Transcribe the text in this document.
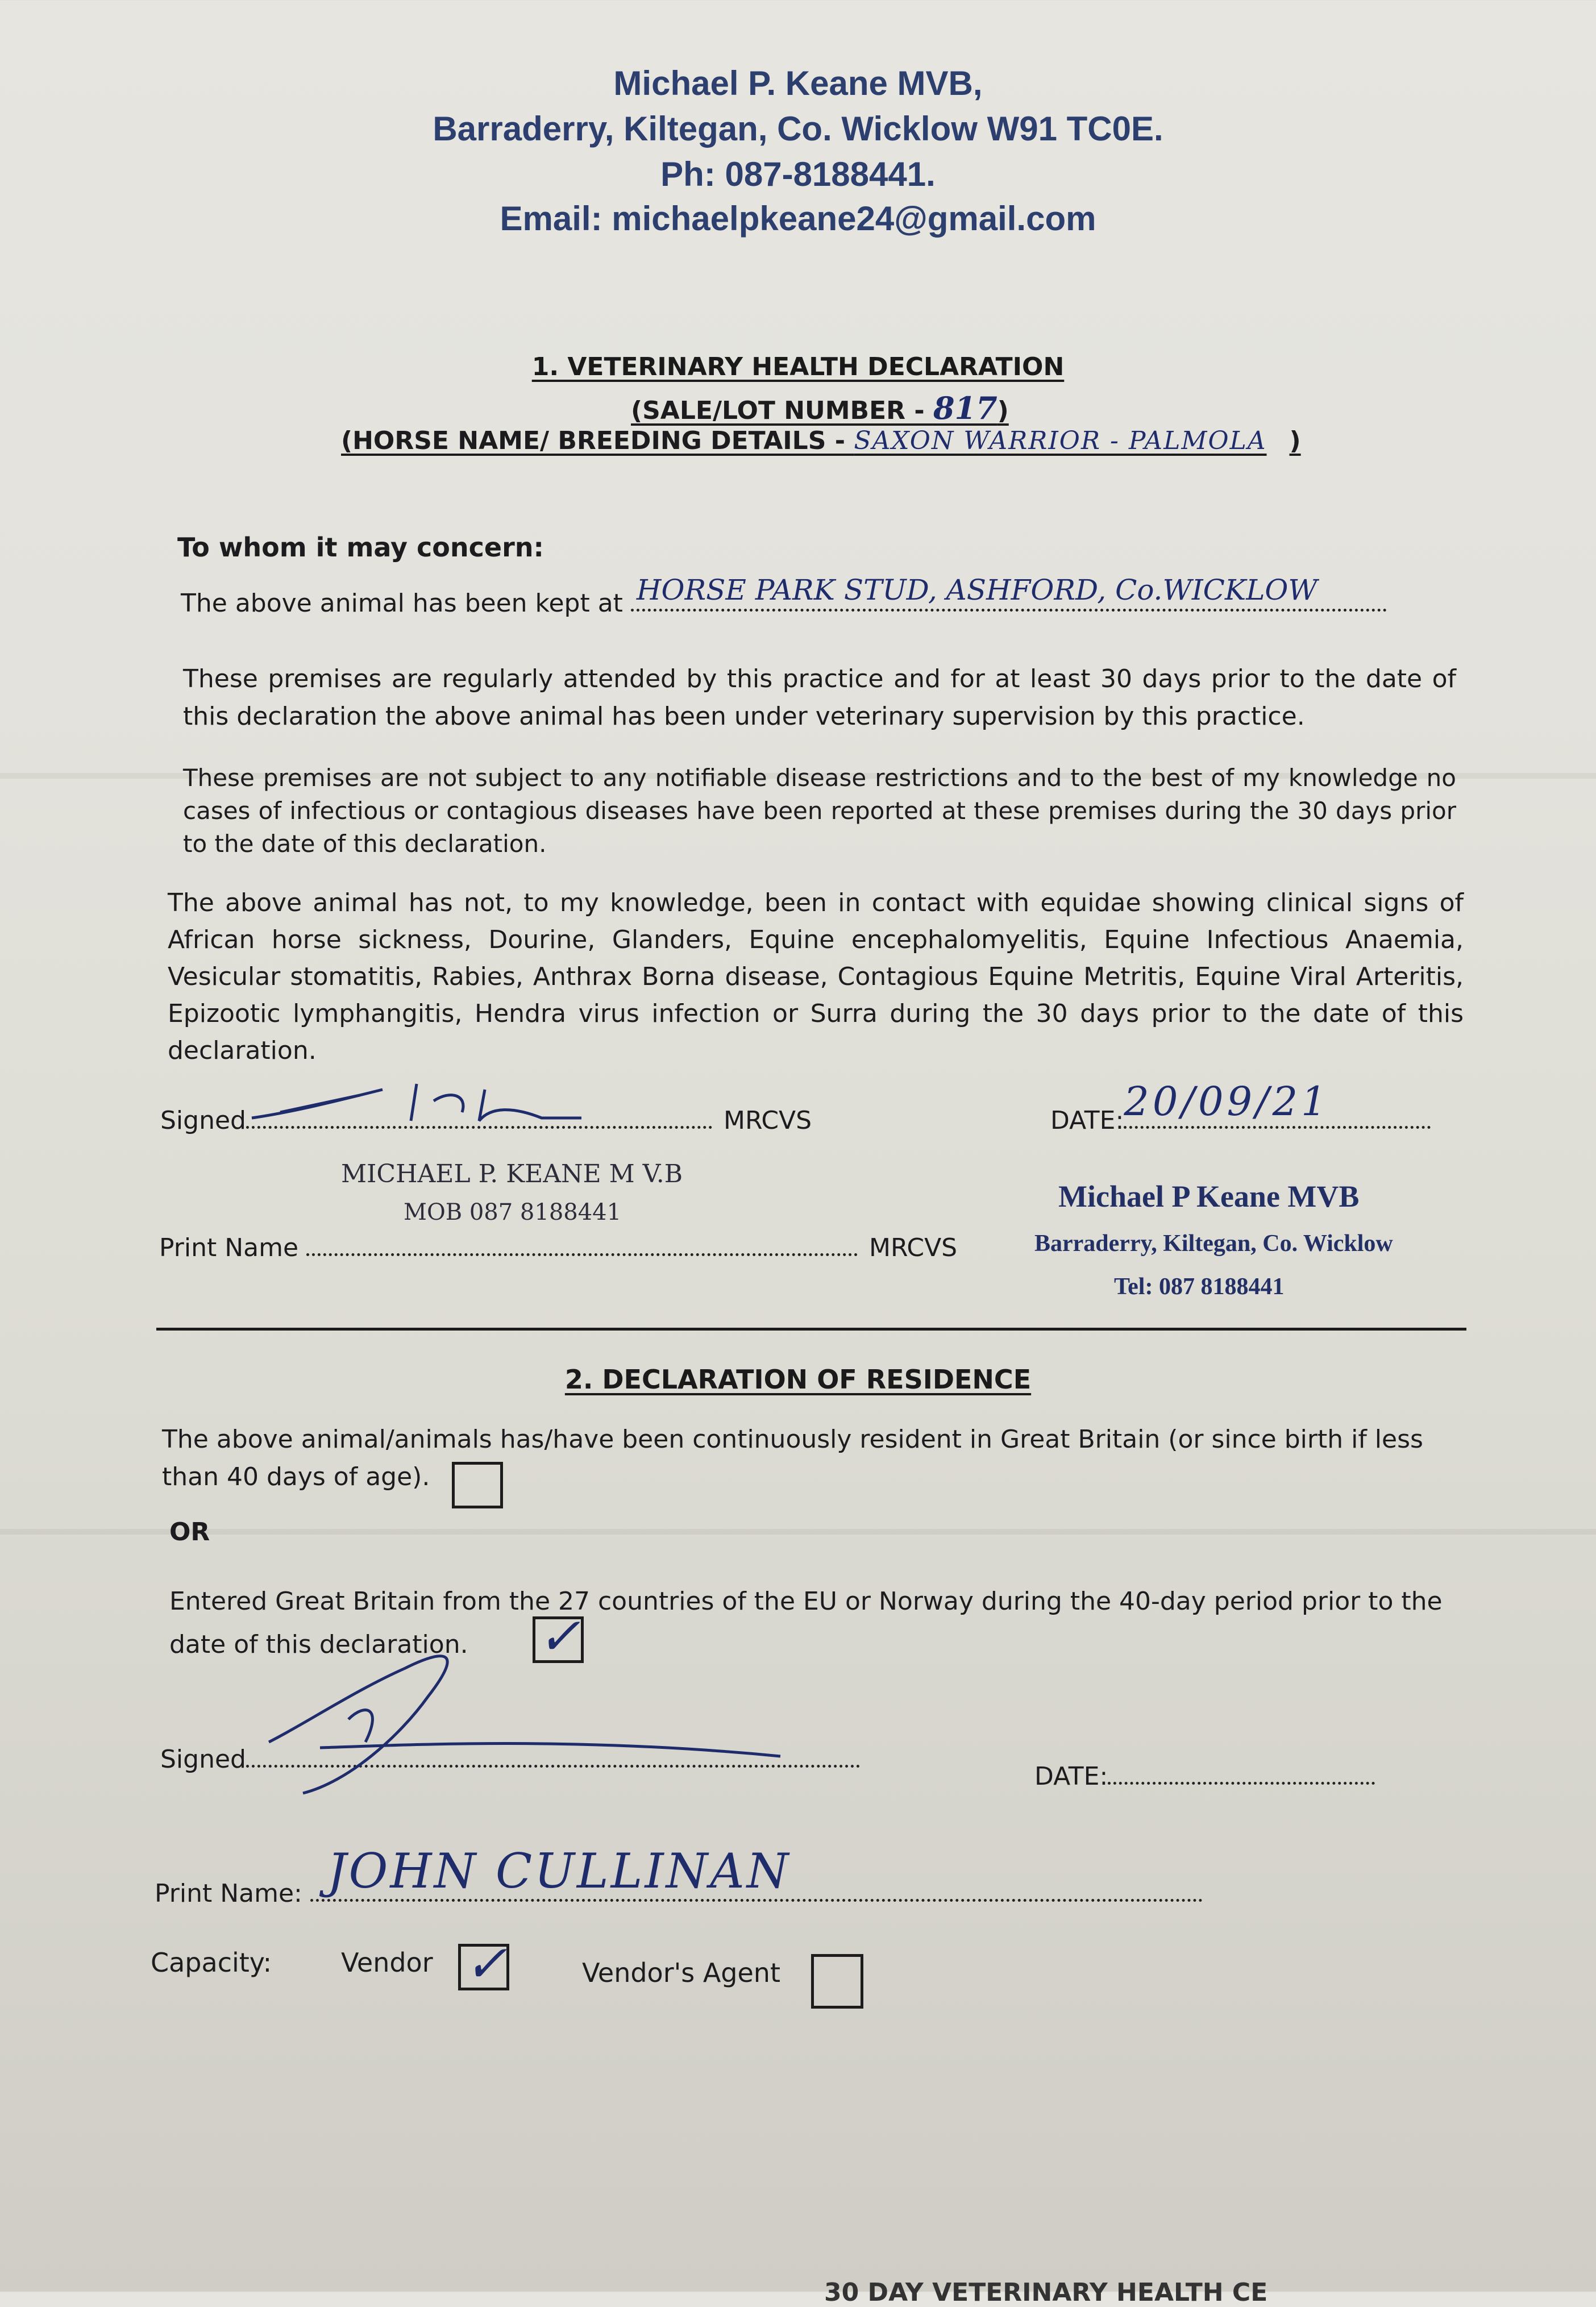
Michael P. Keane MVB,
Barraderry, Kiltegan, Co. Wicklow W91 TC0E.
Ph: 087-8188441.
Email: michaelpkeane24@gmail.com
1. VETERINARY HEALTH DECLARATION
(SALE/LOT NUMBER - 817)
(HORSE NAME/ BREEDING DETAILS - SAXON WARRIOR - PALMOLA )
To whom it may concern:
The above animal has been kept at HORSE PARK STUD, ASHFORD, Co.WICKLOW
These premises are regularly attended by this practice and for at least 30 days prior to the date of this declaration the above animal has been under veterinary supervision by this practice.
These premises are not subject to any notifiable disease restrictions and to the best of my knowledge no cases of infectious or contagious diseases have been reported at these premises during the 30 days prior to the date of this declaration.
The above animal has not, to my knowledge, been in contact with equidae showing clinical signs of African horse sickness, Dourine, Glanders, Equine encephalomyelitis, Equine Infectious Anaemia, Vesicular stomatitis, Rabies, Anthrax Borna disease, Contagious Equine Metritis, Equine Viral Arteritis, Epizootic lymphangitis, Hendra virus infection or Surra during the 30 days prior to the date of this declaration.
Signed	MRCVS	DATE: 20/09/21
MICHAEL P. KEANE M V.B
MOB 087 8188441
Print Name	MRCVS
Michael P Keane MVB
Barraderry, Kiltegan, Co. Wicklow
Tel: 087 8188441
2. DECLARATION OF RESIDENCE
The above animal/animals has/have been continuously resident in Great Britain (or since birth if less than 40 days of age).
OR
Entered Great Britain from the 27 countries of the EU or Norway during the 40-day period prior to the date of this declaration.	✓
Signed
DATE:
Print Name: JOHN CULLINAN
Capacity:	Vendor ✓	Vendor's Agent
30 DAY VETERINARY HEALTH CE
